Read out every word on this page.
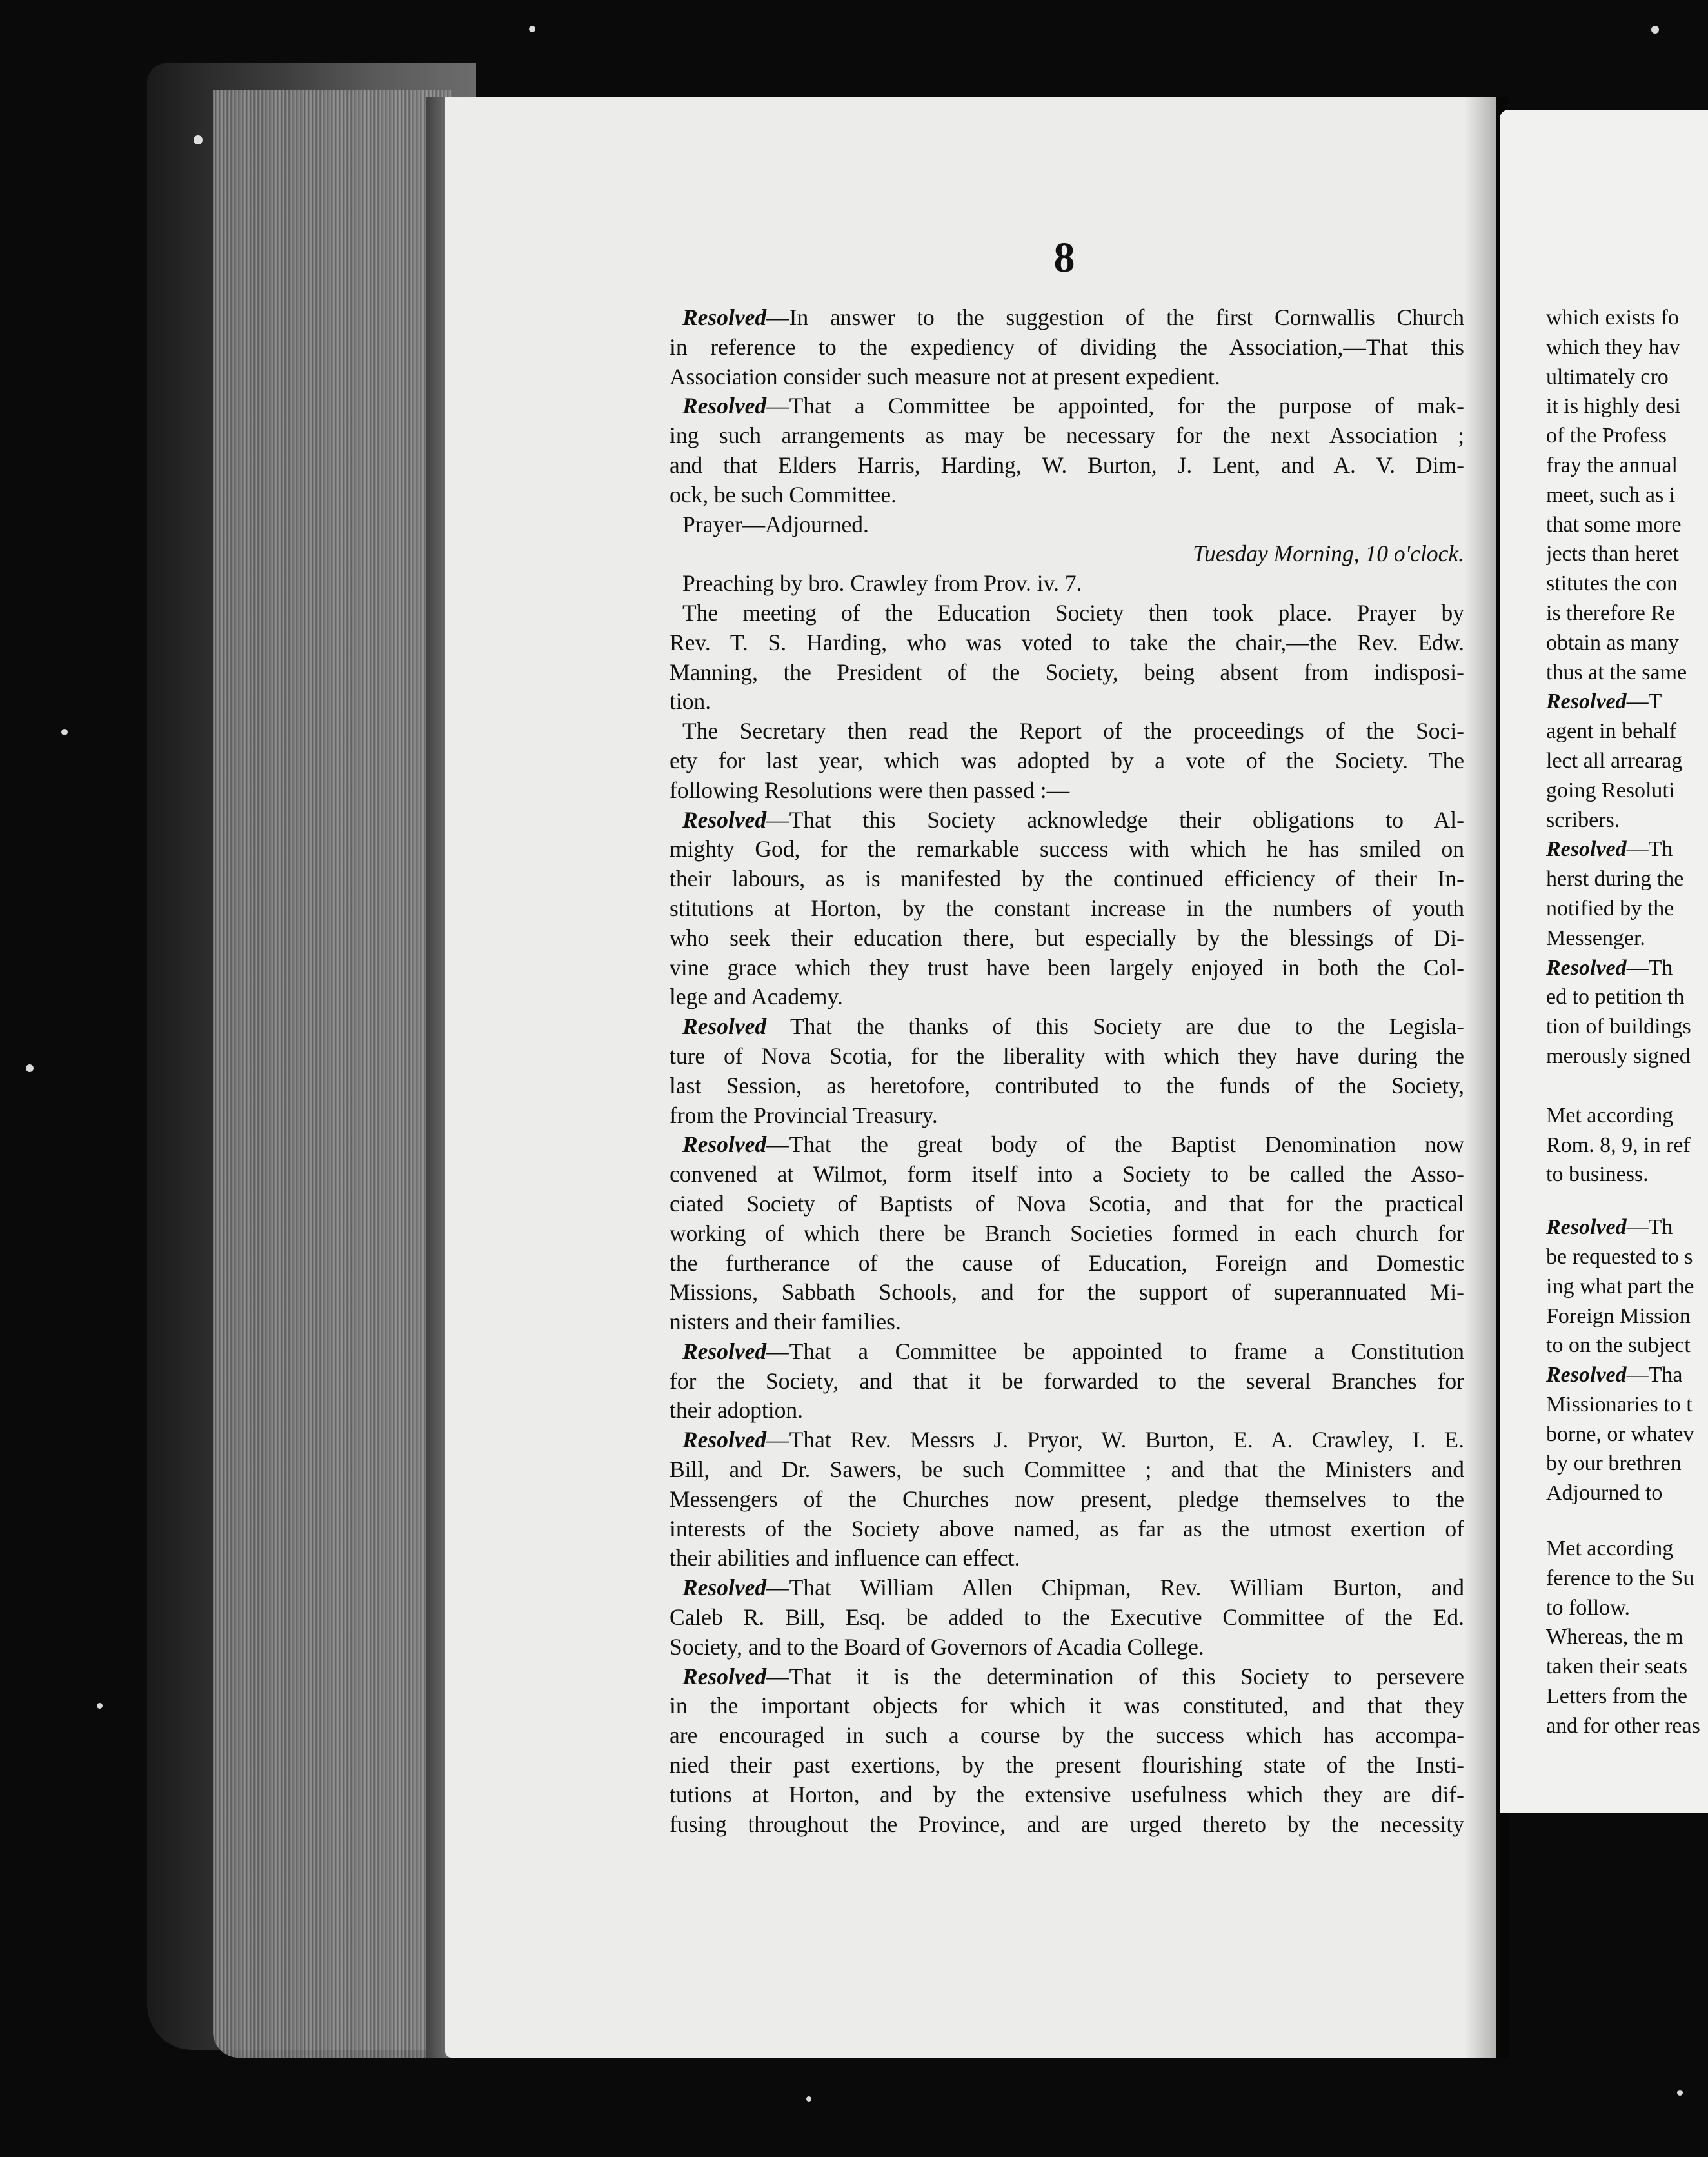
8

Resolved—In answer to the suggestion of the first Cornwallis Church

in reference to the expediency of dividing the Association,—That this

Association consider such measure not at present expedient.

Resolved—That a Committee be appointed, for the purpose of mak-

ing such arrangements as may be necessary for the next Association ;

and that Elders Harris, Harding, W. Burton, J. Lent, and A. V. Dim-

ock, be such Committee.

Prayer—Adjourned.

Tuesday Morning, 10 o'clock.

Preaching by bro. Crawley from Prov. iv. 7.

The meeting of the Education Society then took place. Prayer by

Rev. T. S. Harding, who was voted to take the chair,—the Rev. Edw.

Manning, the President of the Society, being absent from indisposi-

tion.

The Secretary then read the Report of the proceedings of the Soci-

ety for last year, which was adopted by a vote of the Society. The

following Resolutions were then passed :—

Resolved—That this Society acknowledge their obligations to Al-

mighty God, for the remarkable success with which he has smiled on

their labours, as is manifested by the continued efficiency of their In-

stitutions at Horton, by the constant increase in the numbers of youth

who seek their education there, but especially by the blessings of Di-

vine grace which they trust have been largely enjoyed in both the Col-

lege and Academy.

Resolved That the thanks of this Society are due to the Legisla-

ture of Nova Scotia, for the liberality with which they have during the

last Session, as heretofore, contributed to the funds of the Society,

from the Provincial Treasury.

Resolved—That the great body of the Baptist Denomination now

convened at Wilmot, form itself into a Society to be called the Asso-

ciated Society of Baptists of Nova Scotia, and that for the practical

working of which there be Branch Societies formed in each church for

the furtherance of the cause of Education, Foreign and Domestic

Missions, Sabbath Schools, and for the support of superannuated Mi-

nisters and their families.

Resolved—That a Committee be appointed to frame a Constitution

for the Society, and that it be forwarded to the several Branches for

their adoption.

Resolved—That Rev. Messrs J. Pryor, W. Burton, E. A. Crawley, I. E.

Bill, and Dr. Sawers, be such Committee ; and that the Ministers and

Messengers of the Churches now present, pledge themselves to the

interests of the Society above named, as far as the utmost exertion of

their abilities and influence can effect.

Resolved—That William Allen Chipman, Rev. William Burton, and

Caleb R. Bill, Esq. be added to the Executive Committee of the Ed.

Society, and to the Board of Governors of Acadia College.

Resolved—That it is the determination of this Society to persevere

in the important objects for which it was constituted, and that they

are encouraged in such a course by the success which has accompa-

nied their past exertions, by the present flourishing state of the Insti-

tutions at Horton, and by the extensive usefulness which they are dif-

fusing throughout the Province, and are urged thereto by the necessity

which exists fo

which they hav

ultimately cro

it is highly desi

of the Profess

fray the annual

meet, such as i

that some more

jects than heret

stitutes the con

is therefore Re

obtain as many

thus at the same

Resolved—T

agent in behalf

lect all arrearag

going Resoluti

scribers.

Resolved—Th

herst during the

notified by the

Messenger.

Resolved—Th

ed to petition th

tion of buildings

merously signed

Met according

Rom. 8, 9, in ref

to business.

Resolved—Th

be requested to s

ing what part the

Foreign Mission

to on the subject

Resolved—Tha

Missionaries to t

borne, or whatev

by our brethren

Adjourned to

Met according

ference to the Su

to follow.

Whereas, the m

taken their seats

Letters from the

and for other reas
